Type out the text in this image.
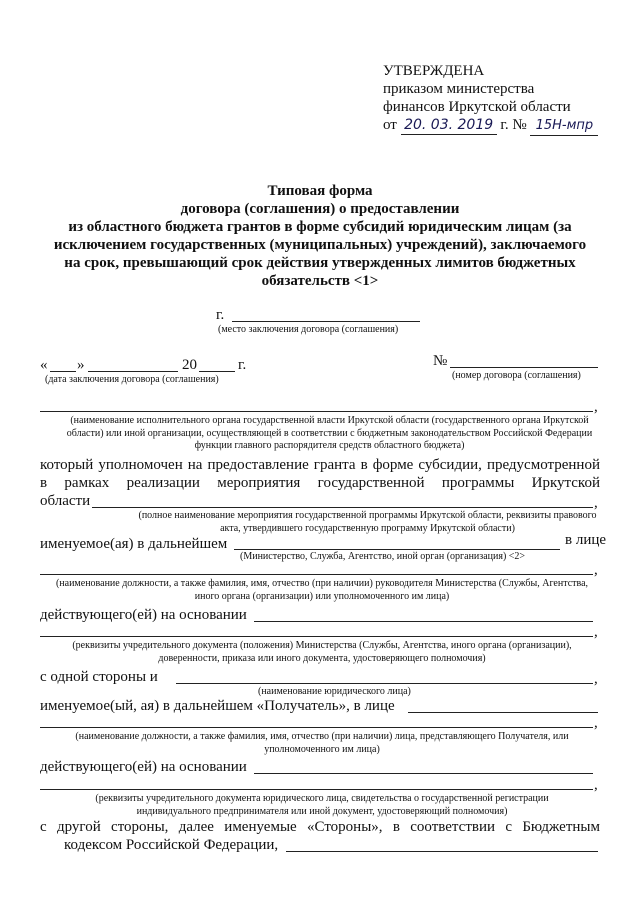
УТВЕРЖДЕНА
приказом министерства
финансов Иркутской области
от 20. 03. 2019 г. № 15Н-мпр
Типовая форма
договора (соглашения) о предоставлении
из областного бюджета грантов в форме субсидий юридическим лицам (за
исключением государственных (муниципальных) учреждений), заключаемого
на срок, превышающий срок действия утвержденных лимитов бюджетных
обязательств <1>
г.
(место заключения договора (соглашения)
« »	20	г.
(дата заключения договора (соглашения)
№
(номер договора (соглашения)
,
(наименование исполнительного органа государственной власти Иркутской области (государственного органа Иркутской области) или иной организации, осуществляющей в соответствии с бюджетным законодательством Российской Федерации функции главного распорядителя средств областного бюджета)
который уполномочен на предоставление гранта в форме субсидии, предусмотренной
в рамках реализации мероприятия государственной программы Иркутской
области	,
(полное наименование мероприятия государственной программы Иркутской области, реквизиты правового акта, утвердившего государственную программу Иркутской области)
именуемое(ая) в дальнейшем	в лице
(Министерство, Служба, Агентство, иной орган (организация) <2>
,
(наименование должности, а также фамилия, имя, отчество (при наличии) руководителя Министерства (Службы, Агентства, иного органа (организации) или уполномоченного им лица)
действующего(ей) на основании
,
(реквизиты учредительного документа (положения) Министерства (Службы, Агентства, иного органа (организации), доверенности, приказа или иного документа, удостоверяющего полномочия)
с одной стороны и	,
(наименование юридического лица)
именуемое(ый, ая) в дальнейшем «Получатель», в лице
,
(наименование должности, а также фамилия, имя, отчество (при наличии) лица, представляющего Получателя, или уполномоченного им лица)
действующего(ей) на основании
,
(реквизиты учредительного документа юридического лица, свидетельства о государственной регистрации индивидуального предпринимателя или иной документ, удостоверяющий полномочия)
с другой стороны, далее именуемые «Стороны», в соответствии с Бюджетным
кодексом Российской Федерации,
